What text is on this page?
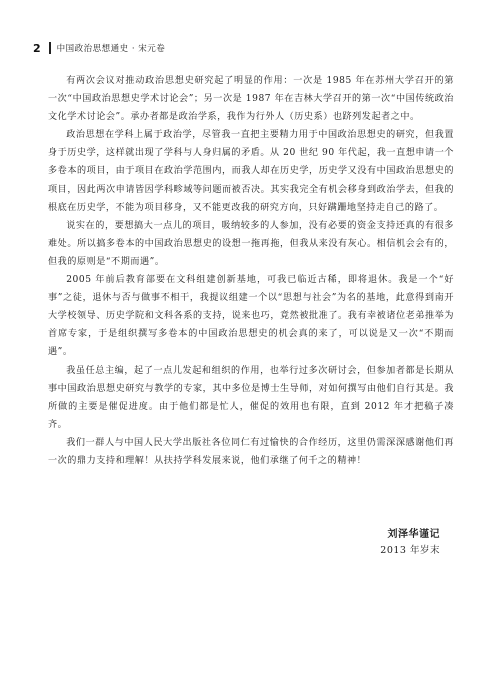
2 中国政治思想通史 · 宋元卷

有两次会议对推动政治思想史研究起了明显的作用：一次是 1985 年在苏州大学召开的第一次“中国政治思想史学术讨论会”；另一次是 1987 年在吉林大学召开的第一次“中国传统政治文化学术讨论会”。承办者都是政治学系，我作为行外人（历史系）也跻列发起者之中。

政治思想在学科上属于政治学，尽管我一直把主要精力用于中国政治思想史的研究，但我置身于历史学，这样就出现了学科与人身归属的矛盾。从 20 世纪 90 年代起，我一直想申请一个多卷本的项目，由于项目在政治学范围内，而我人却在历史学，历史学又没有中国政治思想史的项目，因此两次申请皆因学科畛域等问题而被否决。其实我完全有机会移身到政治学去，但我的根底在历史学，不能为项目移身，又不能更改我的研究方向，只好蹒跚地坚持走自己的路了。

说实在的，要想搞大一点儿的项目，吸纳较多的人参加，没有必要的资金支持还真的有很多难处。所以搞多卷本的中国政治思想史的设想一拖再拖，但我从来没有灰心。相信机会会有的，但我的原则是“不期而遇”。

2005 年前后教育部要在文科组建创新基地，可我已临近古稀，即将退休。我是一个“好事”之徒，退休与否与做事不相干，我提议组建一个以“思想与社会”为名的基地，此意得到南开大学校领导、历史学院和文科各系的支持，说来也巧，竟然被批准了。我有幸被诸位老弟推举为首席专家，于是组织撰写多卷本的中国政治思想史的机会真的来了，可以说是又一次“不期而遇”。

我虽任总主编，起了一点儿发起和组织的作用，也举行过多次研讨会，但参加者都是长期从事中国政治思想史研究与教学的专家，其中多位是博士生导师，对如何撰写由他们自行其是。我所做的主要是催促进度。由于他们都是忙人，催促的效用也有限，直到 2012 年才把稿子凑齐。

我们一群人与中国人民大学出版社各位同仁有过愉快的合作经历，这里仍需深深感谢他们再一次的鼎力支持和理解！从扶持学科发展来说，他们承继了何千之的精神！

刘泽华谨记
2013 年岁末
